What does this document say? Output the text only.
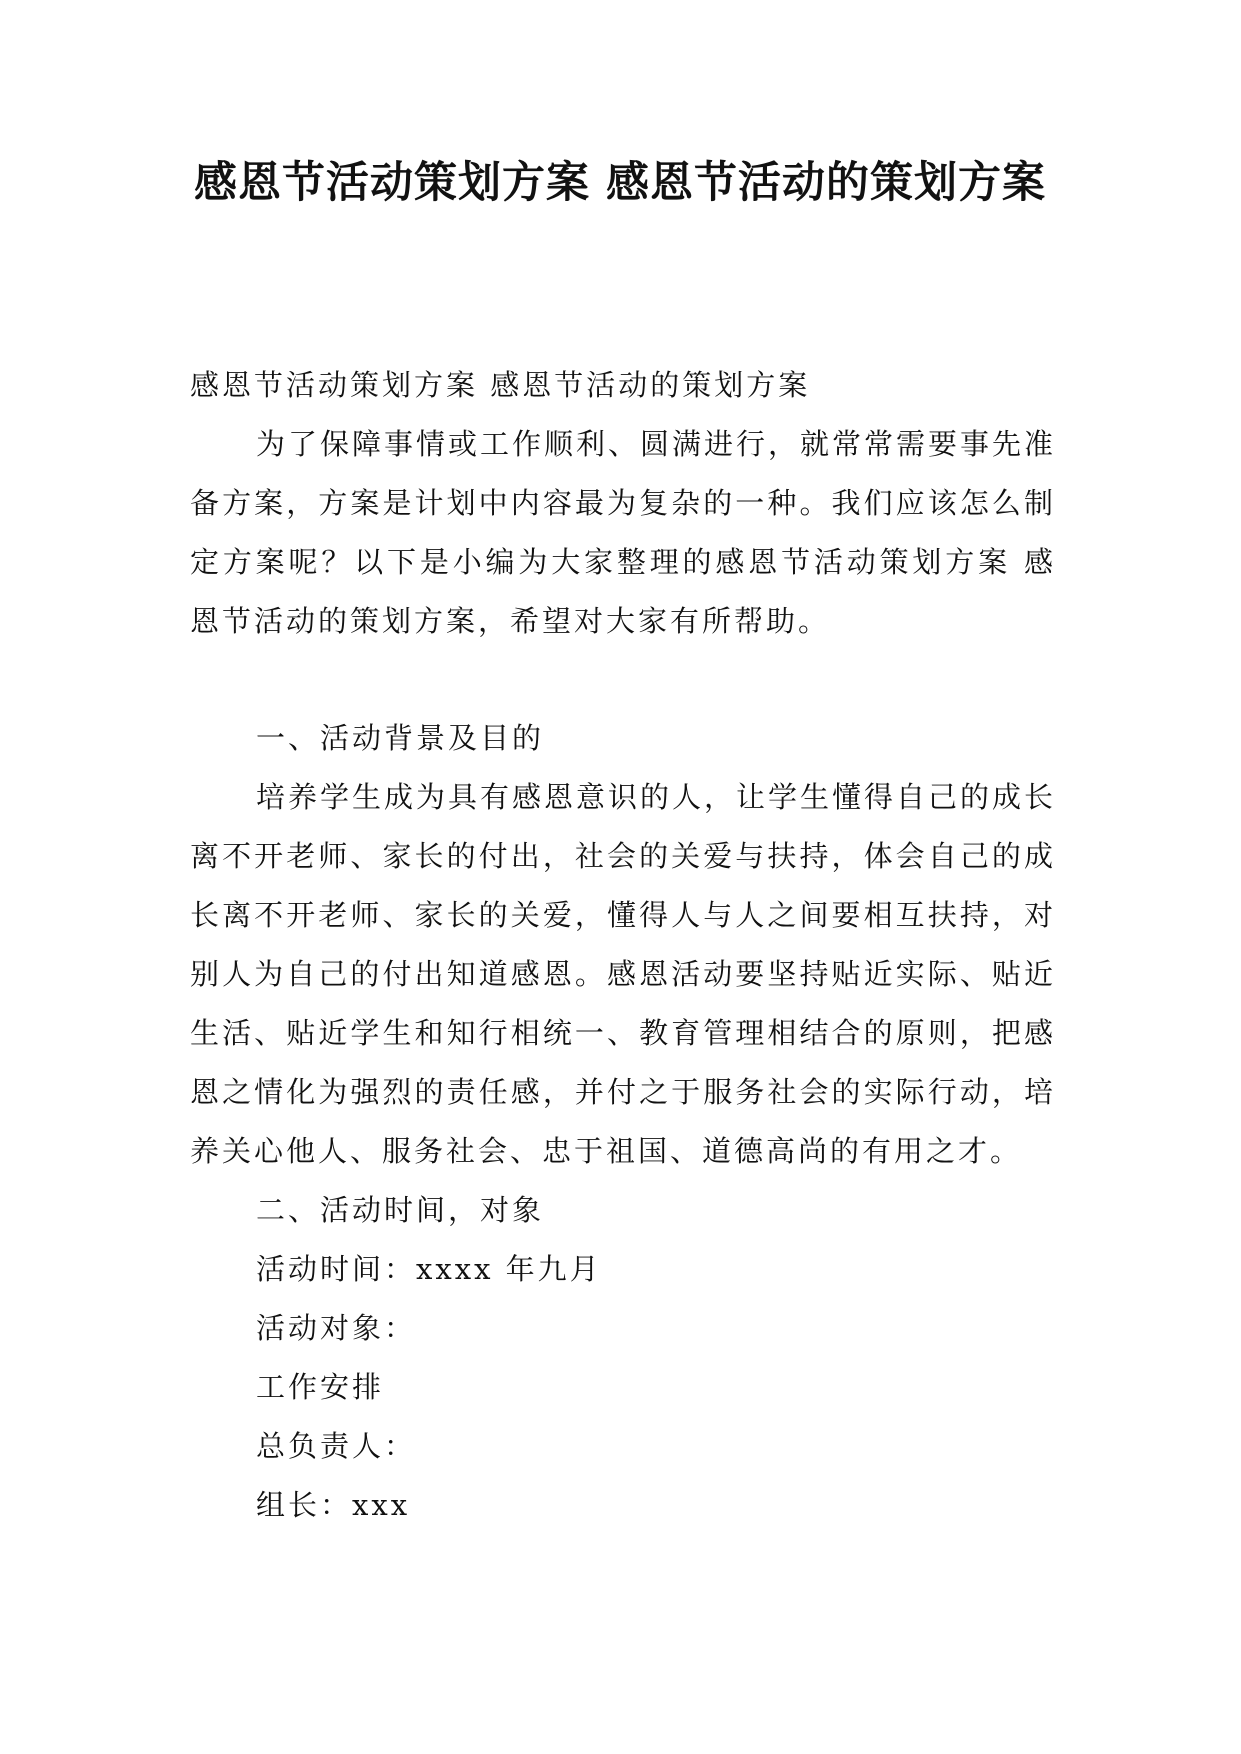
感恩节活动策划方案 感恩节活动的策划方案

感恩节活动策划方案 感恩节活动的策划方案

为了保障事情或工作顺利、圆满进行，就常常需要事先准备方案，方案是计划中内容最为复杂的一种。我们应该怎么制定方案呢？以下是小编为大家整理的感恩节活动策划方案 感恩节活动的策划方案，希望对大家有所帮助。

一、活动背景及目的

培养学生成为具有感恩意识的人，让学生懂得自己的成长离不开老师、家长的付出，社会的关爱与扶持，体会自己的成长离不开老师、家长的关爱，懂得人与人之间要相互扶持，对别人为自己的付出知道感恩。感恩活动要坚持贴近实际、贴近生活、贴近学生和知行相统一、教育管理相结合的原则，把感恩之情化为强烈的责任感，并付之于服务社会的实际行动，培养关心他人、服务社会、忠于祖国、道德高尚的有用之才。

二、活动时间，对象

活动时间：xxxx 年九月

活动对象：

工作安排

总负责人：

组长：xxx
